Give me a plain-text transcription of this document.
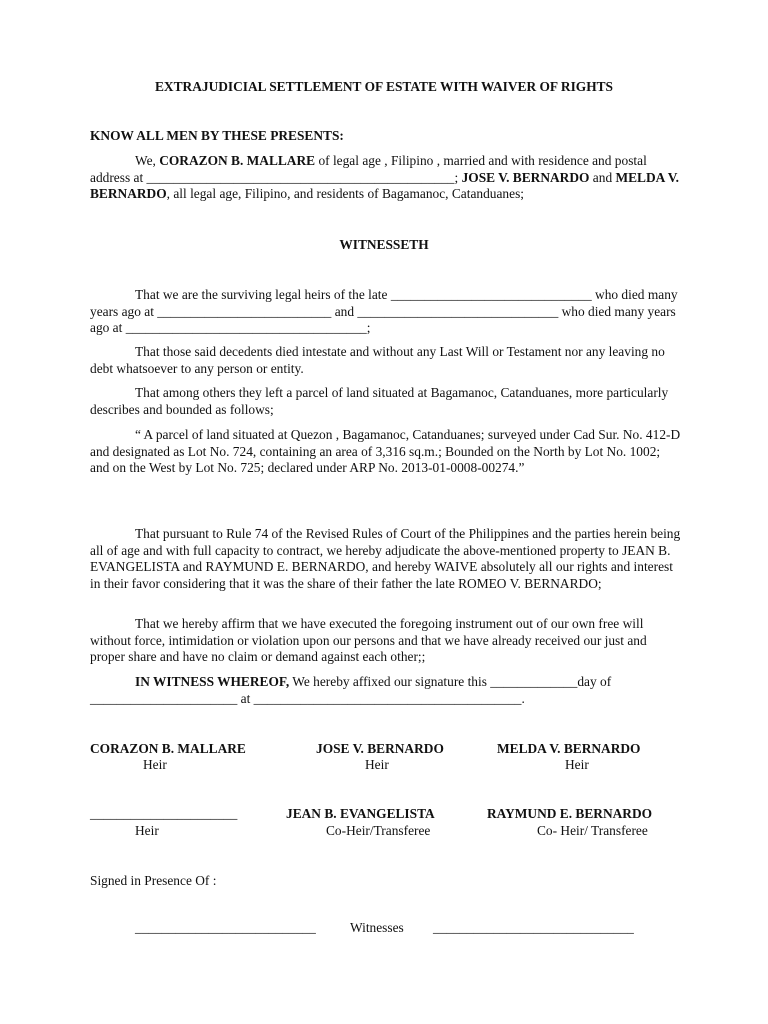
EXTRAJUDICIAL SETTLEMENT OF ESTATE WITH WAIVER OF RIGHTS
KNOW ALL MEN BY THESE PRESENTS:
We, CORAZON B. MALLARE of legal age , Filipino , married and with residence and postal address at ______________________________________________; JOSE V. BERNARDO and MELDA V. BERNARDO, all legal age, Filipino, and residents of Bagamanoc, Catanduanes;
WITNESSETH
That we are the surviving legal heirs of the late ______________________________ who died many years ago at __________________________ and ______________________________ who died many years ago at ____________________________________;
That those said decedents died intestate and without any Last Will or Testament nor any leaving no debt whatsoever to any person or entity.
That among others they left a parcel of land situated at Bagamanoc, Catanduanes, more particularly describes and bounded as follows;
“ A parcel of land situated at Quezon , Bagamanoc, Catanduanes; surveyed under Cad Sur. No. 412-D and designated as Lot No. 724, containing an area of 3,316 sq.m.; Bounded on the North by Lot No. 1002; and on the West by Lot No. 725; declared under ARP No. 2013-01-0008-00274.”
That pursuant to Rule 74 of the Revised Rules of Court of the Philippines and the parties herein being all of age and with full capacity to contract, we hereby adjudicate the above-mentioned property to JEAN B. EVANGELISTA and RAYMUND E. BERNARDO, and hereby WAIVE absolutely all our rights and interest in their favor considering that it was the share of their father the late ROMEO V. BERNARDO;
That we hereby affirm that we have executed the foregoing instrument out of our own free will without force, intimidation or violation upon our persons and that we have already received our just and proper share and have no claim or demand against each other;;
IN WITNESS WHEREOF, We hereby affixed our signature this _____________day of
______________________ at ________________________________________.
CORAZON B. MALLARE
Heir
JOSE V. BERNARDO
Heir
MELDA V. BERNARDO
Heir
______________________
Heir
JEAN B. EVANGELISTA
Co-Heir/Transferee
RAYMUND E. BERNARDO
Co- Heir/ Transferee
Signed in Presence Of :
___________________________	Witnesses ______________________________
